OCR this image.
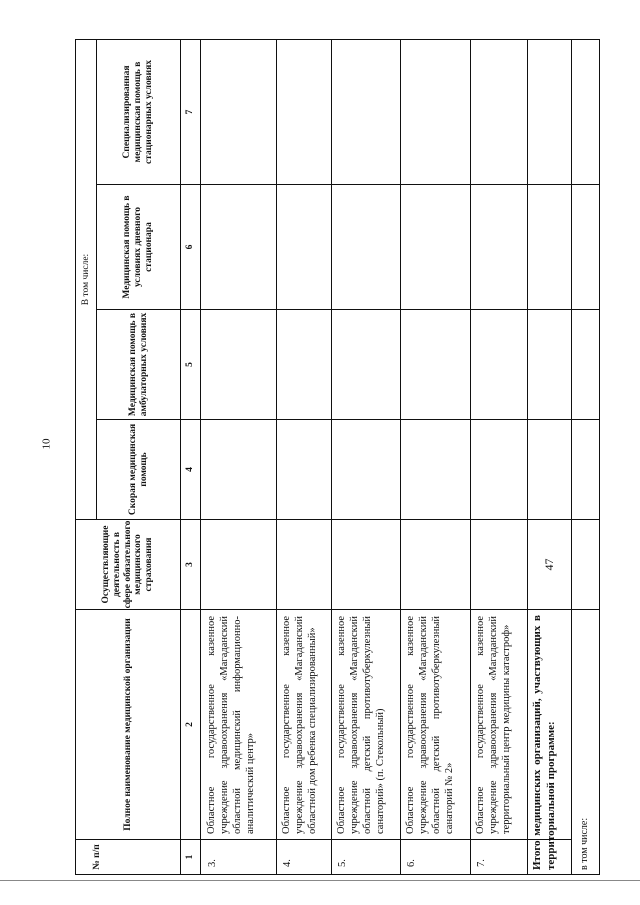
10
№ п/п
Полное наименование медицинской организации
Осуществляющие деятельность в сфере обязательного медицинского страхования
В том числе:
Скорая медицинская помощь
Медицинская помощь в амбулаторных условиях
Медицинская помощь в условиях дневного стационара
Специализированная медицинская помощь в стационарных условиях
1
2
3
4
5
6
7
3.
Областное государственное казенное учреждение здравоохранения «Магаданский областной медицинский информационно-аналитический центр»
4.
Областное государственное казенное учреждение здравоохранения «Магаданский областной дом ребенка специализированный»
5.
Областное государственное казенное учреждение здравоохранения «Магаданский областной детский противотуберкулезный санаторий» (п. Стекольный)
6.
Областное государственное казенное учреждение здравоохранения «Магаданский областной детский противотуберкулезный санаторий № 2»
7.
Областное государственное казенное учреждение здравоохранения «Магаданский территориальный центр медицины катастроф» Итого медицинских организаций, участвующих в территориальной программе:
47
в том числе:
